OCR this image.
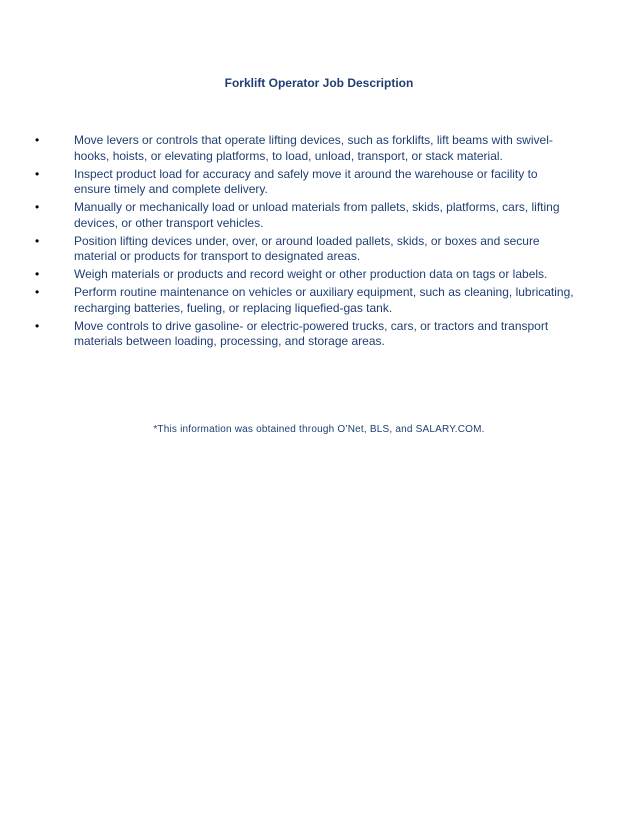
Forklift Operator Job Description
•	Move levers or controls that operate lifting devices, such as forklifts, lift beams with swivel-hooks, hoists, or elevating platforms, to load, unload, transport, or stack material.
•	Inspect product load for accuracy and safely move it around the warehouse or facility to ensure timely and complete delivery.
•	Manually or mechanically load or unload materials from pallets, skids, platforms, cars, lifting devices, or other transport vehicles.
•	Position lifting devices under, over, or around loaded pallets, skids, or boxes and secure material or products for transport to designated areas.
•	Weigh materials or products and record weight or other production data on tags or labels.
•	Perform routine maintenance on vehicles or auxiliary equipment, such as cleaning, lubricating, recharging batteries, fueling, or replacing liquefied-gas tank.
•	Move controls to drive gasoline- or electric-powered trucks, cars, or tractors and transport materials between loading, processing, and storage areas.
*This information was obtained through O’Net, BLS, and SALARY.COM.
